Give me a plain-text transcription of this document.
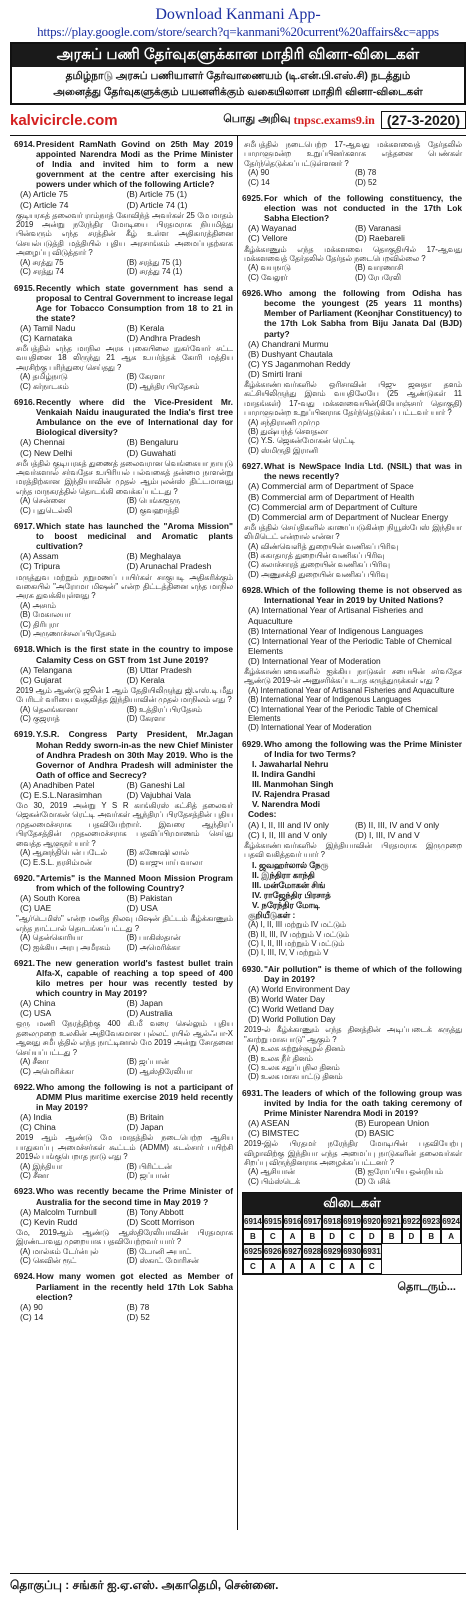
Download Kanmani App-
https://play.google.com/store/search?q=kanmani%20current%20affairs&c=apps
அரசுப் பணி தேர்வுகளுக்கான மாதிரி வினா-விடைகள்
தமிழ்நாடு அரசுப் பணியாளர் தேர்வாணையம் (டி.என்.பி.எஸ்.சி) நடத்தும்
அனைத்து தேர்வுகளுக்கும் பயனளிக்கும் வகையிலான மாதிரி வினா-விடைகள்
kalvicircle.com	பொது அறிவு tnpsc.exams9.in (27-3-2020)
6914. President RamNath Govind on 25th May 2019 appointed Narendra Modi as the Prime Minister of India and invited him to form a new government at the centre after exercising his powers under which of the following Article?
(A) Article 75	(B) Article 75 (1)
(C) Article 74	(D) Article 74 (1)
குடியரசுத் தலைவர் ராம்நாத் கோவிந்த் அவர்கள் 25 மே மாதம் 2019 அன்று நரேந்திர மோடியை பிரதமராக நியமித்து பின்வரும் எந்த சரத்தின் கீழ் உள்ள அதிகாரத்தினை செயல்படுத்தி மத்தியில் புதிய அரசாங்கம் அமைப்பதற்காக அழைப்பு விடுத்தார் ?
(A) சரத்து 75	(B) சரத்து 75 (1)
(C) சரத்து 74	(D) சரத்து 74 (1)
6915. Recently which state government has send a proposal to Central Government to increase legal Age for Tobacco Consumption from 18 to 21 in the state?
(A) Tamil Nadu	(B) Kerala
(C) Karnataka	(D) Andhra Pradesh
சமீபத்தில் எந்த மாநில அரசு புகையிலை நுகர்வோர் சட்ட வயதினை 18 லிருந்து 21 ஆக உயர்த்தக் கோரி மத்திய அரசிற்கு பரிந்துரை செய்தது ?
(A) தமிழ்நாடு	(B) கேரளா
(C) கர்நாடகம்	(D) ஆந்திர பிரதேசம்
6916. Recently where did the Vice-President Mr. Venkaiah Naidu inaugurated the India's first tree Ambulance on the eve of International day for Biological diversity?
(A) Chennai	(B) Bengaluru
(C) New Delhi	(D) Guwahati
சமீபத்தில் குடியரசுத் துணைத் தலைவரான வெங்கையா நாயுடு அவர்களால் சர்வதேச உயிரியல் பல்வகைத் தன்மை நாளன்று மரத்திற்கான இந்தியாவின் முதல் ஆம்புலன்ஸ் திட்டமானது எந்த மாநகரத்தில் தொடங்கி வைக்கப்பட்டது ?
(A) சென்னை	(B) பெங்களூரு
(C) புதுடெல்லி	(D) குவஹாத்தி
6917. Which state has launched the "Aroma Mission" to boost medicinal and Aromatic plants cultivation?
(A) Assam	(B) Meghalaya
(C) Tripura	(D) Arunachal Pradesh
மருத்துவ மற்றும் நறுமணப் பயிர்கள் சாகுபடி அதிகரிக்கும் வகையில் "அரோமா மிஷன்" என்ற திட்டத்தினை எந்த மாநில அரசு துவக்கியுள்ளது ?
(A) அசாம்
(B) மேகாலயா
(C) திரிபுரா
(D) அருணாச்சலப்பிரதேசம்
6918. Which is the first state in the country to impose Calamity Cess on GST from 1st June 2019?
(A) Telangana	(B) Uttar Pradesh
(C) Gujarat	(D) Kerala
2019 ஆம் ஆண்டு ஜூன் 1 ஆம் தேதியிலிருந்து ஜி.எஸ்.டி மீது பேரிடர் வரியை வசூலித்த இந்தியாவின் முதல் மாநிலம் எது ?
(A) தெலங்கானா	(B) உத்திரப் பிரதேசம்
(C) குஜராத்	(D) கேரளா
6919. Y.S.R. Congress Party President, Mr.Jagan Mohan Reddy sworn-in-as the new Chief Minister of Andhra Pradesh on 30th May 2019. Who is the Governor of Andhra Pradesh will administer the Oath of office and Secrecy?
(A) Anadhiben Patel	(B) Ganeshi Lal
(C) E.S.L.Narasimhan	(D) Vajubhai Vala
மே 30, 2019 அன்று Y S R காங்கிரஸ் கட்சித் தலைவர் ஜெகன்மோகன் ரெட்டி அவர்கள் ஆந்திரப் பிரதேசத்தின் புதிய முதலமைச்சராக பதவியேற்றார். இவரை ஆந்திரப் பிரதேசத்தின் முதலமைச்சராக பதவிப்பிரமாணம் செய்து வைத்த ஆளுநர் யார் ?
(A) ஆனந்திபென் படேல்	(B) கணேஷி லால்
(C) E.S.L. நரசிம்மன்	(D) வாஜுபாய் வாலா
6920. "Artemis" is the Manned Moon Mission Program from which of the following Country?
(A) South Korea	(B) Pakistan
(C) UAE	(D) USA
"ஆர்டெமிஸ்" என்ற மனித நிலவு மிஷன் திட்டம் கீழ்க்காணும் எந்த நாட்டால் தொடங்கப்பட்டது ?
(A) தென்கொரியா	(B) பாகிஸ்தான்
(C) ஐக்கிய அரபு அமீரகம்	(D) அமெரிக்கா
6921. The new generation world's fastest bullet train Alfa-X, capable of reaching a top speed of 400 kilo metres per hour was recently tested by which country in May 2019?
(A) China	(B) Japan
(C) USA	(D) Australia
ஒரு மணி நேரத்திற்கு 400 கி.மீ வரை செல்லும் புதிய தலைமுறை உலகின் அதிவேகமான புல்லட் ரயில் ஆல்ஃபா-X ஆனது சமீபத்தில் எந்த நாட்டினால் மே 2019 அன்று சோதனை செய்யப்பட்டது ?
(A) சீனா	(B) ஜப்பான்
(C) அமெரிக்கா	(D) ஆஸ்திரேலியா
6922. Who among the following is not a participant of ADMM Plus maritime exercise 2019 held recently in May 2019?
(A) India	(B) Britain
(C) China	(D) Japan
2019 ஆம் ஆண்டு மே மாதத்தில் நடைபெற்ற ஆசிய பாதுகாப்பு அமைச்சர்கள் கூட்டம் (ADMM) கடல்சார் பயிற்சி 2019ல் பங்குபெறாத நாடு எது ?
(A) இந்தியா	(B) பிரிட்டன்
(C) சீனா	(D) ஜப்பான்
6923. Who was recently became the Prime Minister of Australia for the second time in May 2019 ?
(A) Malcolm Turnbull	(B) Tony Abbott
(C) Kevin Rudd	(D) Scott Morrison
மே, 2019ஆம் ஆண்டு ஆஸ்திரேலியாவின் பிரதமராக இரண்டாவது முறையாக பதவியேற்றவர் யார் ?
(A) மால்கம் டேர்ன்புல்	(B) டோனி அபாட்
(C) கெவின் ரூட்	(D) ஸ்காட் மோரிசன்
6924. How many women got elected as Member of Parliament in the recently held 17th Lok Sabha election?
(A) 90	(B) 78
(C) 14	(D) 52
சமீபத்தில் நடைபெற்ற 17-ஆவது மக்களவைத் தேர்தலில் பாராளுமன்ற உறுப்பினர்களாக எத்தனை பெண்கள் தேர்ந்தெடுக்கப்பட்டுள்ளனர் ?
(A) 90	(B) 78
(C) 14	(D) 52
6925. For which of the following constituency, the election was not conducted in the 17th Lok Sabha Election?
(A) Wayanad	(B) Varanasi
(C) Vellore	(D) Raebareli
கீழ்க்காணும் எந்த மக்களவை தொகுதியில் 17-ஆவது மக்களவைத் தேர்தலில் தேர்தல் நடைபெறவில்லை ?
(A) வயநாடு	(B) வாரணாசி
(C) வேலூர்	(D) ரேபரேலி
6926. Who among the following from Odisha has become the youngest (25 years 11 months) Member of Parliament (Keonjhar Constituency) to the 17th Lok Sabha from Biju Janata Dal (BJD) party?
(A) Chandrani Murmu
(B) Dushyant Chautala
(C) YS Jaganmohan Reddy
(D) Smirti Irani
கீழ்க்காண்பவர்களில் ஒரிசாவின் பிஜு ஜனதா தளம் கட்சியிலிருந்து இளம் வயதிலேயே (25 ஆண்டுகள் 11 மாதங்கள்) 17-வது மக்களவையின்(கியோஞ்சார் தொகுதி) பாராளுமன்ற உறுப்பினராக தேர்ந்தெடுக்கப் பட்டவர் யார் ?
(A) சந்திராணி முர்மு
(B) துஷ்யந்த் சௌதலா
(C) Y.S. ஜெகன்மோகன் ரெட்டி
(D) ஸ்மிருதி இரானி
6927. What is NewSpace India Ltd. (NSIL) that was in the news recently?
(A) Commercial arm of Department of Space
(B) Commercial arm of Department of Health
(C) Commercial arm of Department of Culture
(D) Commercial arm of Department of Nuclear Energy
சமீபத்தில் செய்திகளில் காணப்படுகின்ற நியூஸ்பேஸ் இந்தியா லிமிடெட் என்றால் என்ன ?
(A) விண்வெளித் துறையின் வணிகப் பிரிவு
(B) சுகாதாரத் துறையின் வணிகப் பிரிவு
(C) கலாச்சாரத் துறையின் வணிகப் பிரிவு
(D) அணுசக்தி துறையின் வணிகப் பிரிவு
6928. Which of the following theme is not observed as International Year in 2019 by United Nations?
(A) International Year of Artisanal Fisheries and Aquaculture
(B) International Year of Indigenous Languages
(C) International Year of the Periodic Table of Chemical Elements
(D) International Year of Moderation
கீழ்க்காண்பவைகளில் ஐக்கிய நாடுகள் சபையின் சர்வதேச ஆண்டு 2019-ன் அனுசரிக்கப்படாத கருத்துருக்கள் எது ?
(A) International Year of Artisanal Fisheries and Aquaculture
(B) International Year of Indigenous Languages
(C) International Year of the Periodic Table of Chemical Elements
(D) International Year of Moderation
6929. Who among the following was the Prime Minister of India for two Terms?
I. Jawaharlal Nehru
II. Indira Gandhi
III. Manmohan Singh
IV. Rajendra Prasad
V. Narendra Modi
Codes:
(A) I, II, III and IV only	(B) II, III, IV and V only
(C) I, II, III and V only	(D) I, III, IV and V
கீழ்க்காண்பவர்களில் இந்தியாவின் பிரதமராக இருமுறை பதவி வகித்தவர் யார் ?
I. ஜவஹர்லால் நேரு
II. இந்திரா காந்தி
III. மன்மோகன் சிங்
IV. ராஜேந்திர பிரசாத்
V. நரேந்திர மோடி
குறியீடுகள் :
(A) I, II, III மற்றும் IV மட்டும்
(B) II, III, IV மற்றும் V மட்டும்
(C) I, II, III மற்றும் V மட்டும்
(D) I, III, IV, V மற்றும் V
6930. "Air pollution" is theme of which of the following Day in 2019?
(A) World Environment Day
(B) World Water Day
(C) World Wetland Day
(D) World Pollution Day
2019-ல் கீழ்க்காணும் எந்த தினத்தின் அடிப்படைக் கருத்து "காற்று மாசுபாடு" ஆகும் ?
(A) உலக சுற்றுச்சூழல் தினம்
(B) உலக நீர் தினம்
(C) உலக சதுப்புநில தினம்
(D) உலக மாசுபாட்டு தினம்
6931. The leaders of which of the following group was invited by India for the oath taking ceremony of Prime Minister Narendra Modi in 2019?
(A) ASEAN	(B) European Union
(C) BIMSTEC	(D) BASIC
2019-இல் பிரதமர் நரேந்திர மோடியின் பதவியேற்பு விழாவிற்கு இந்தியா எந்த அமைப்பு நாடுகளின் தலைவர்கள் சிறப்பு விருந்தினராக அழைக்கப்பட்டனர் ?
(A) ஆசியான்	(B) ஐரோப்பிய ஒன்றியம்
(C) பிம்ஸ்டெக்	(D) பேசிக்
விடைகள்
6914 6915 6916 6917 6918 6919 6920 6921 6922 6923 6924
B	C	A	B	D	C	D	B	D	B	A
6925 6926 6927 6928 6929 6930 6931
C	A	A	A	C	A	C
தொடரும்...
தொகுப்பு : சங்கர் ஐ.ஏ.எஸ். அகாதெமி, சென்னை.
